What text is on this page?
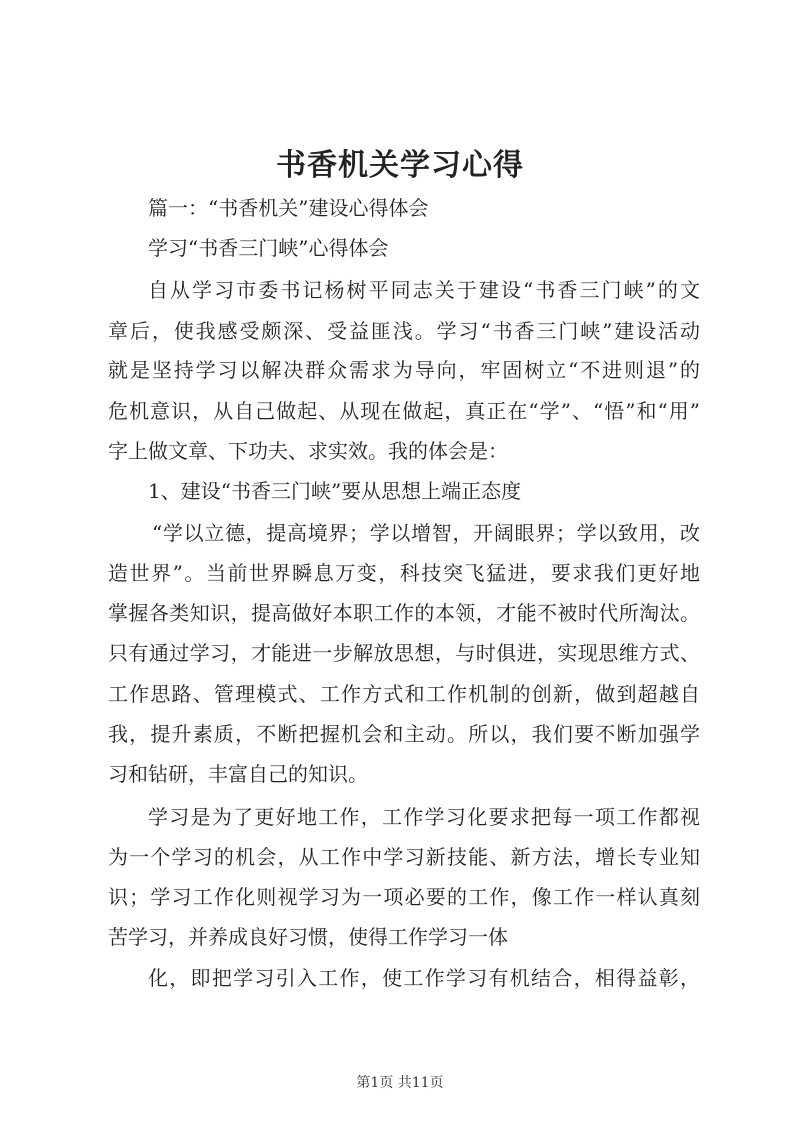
书香机关学习心得
篇一：“书香机关”建设心得体会
学习“书香三门峡”心得体会
自从学习市委书记杨树平同志关于建设“书香三门峡”的文
章后，使我感受颇深、受益匪浅。学习“书香三门峡”建设活动
就是坚持学习以解决群众需求为导向，牢固树立“不进则退”的
危机意识，从自己做起、从现在做起，真正在“学”、“悟”和“用”
字上做文章、下功夫、求实效。我的体会是：
1、建设“书香三门峡”要从思想上端正态度
“学以立德，提高境界；学以增智，开阔眼界；学以致用，改
造世界”。当前世界瞬息万变，科技突飞猛进，要求我们更好地
掌握各类知识，提高做好本职工作的本领，才能不被时代所淘汰。
只有通过学习，才能进一步解放思想，与时俱进，实现思维方式、
工作思路、管理模式、工作方式和工作机制的创新，做到超越自
我，提升素质，不断把握机会和主动。所以，我们要不断加强学
习和钻研，丰富自己的知识。
学习是为了更好地工作，工作学习化要求把每一项工作都视
为一个学习的机会，从工作中学习新技能、新方法，增长专业知
识；学习工作化则视学习为一项必要的工作，像工作一样认真刻
苦学习，并养成良好习惯，使得工作学习一体
化，即把学习引入工作，使工作学习有机结合，相得益彰，
第1页 共11页
